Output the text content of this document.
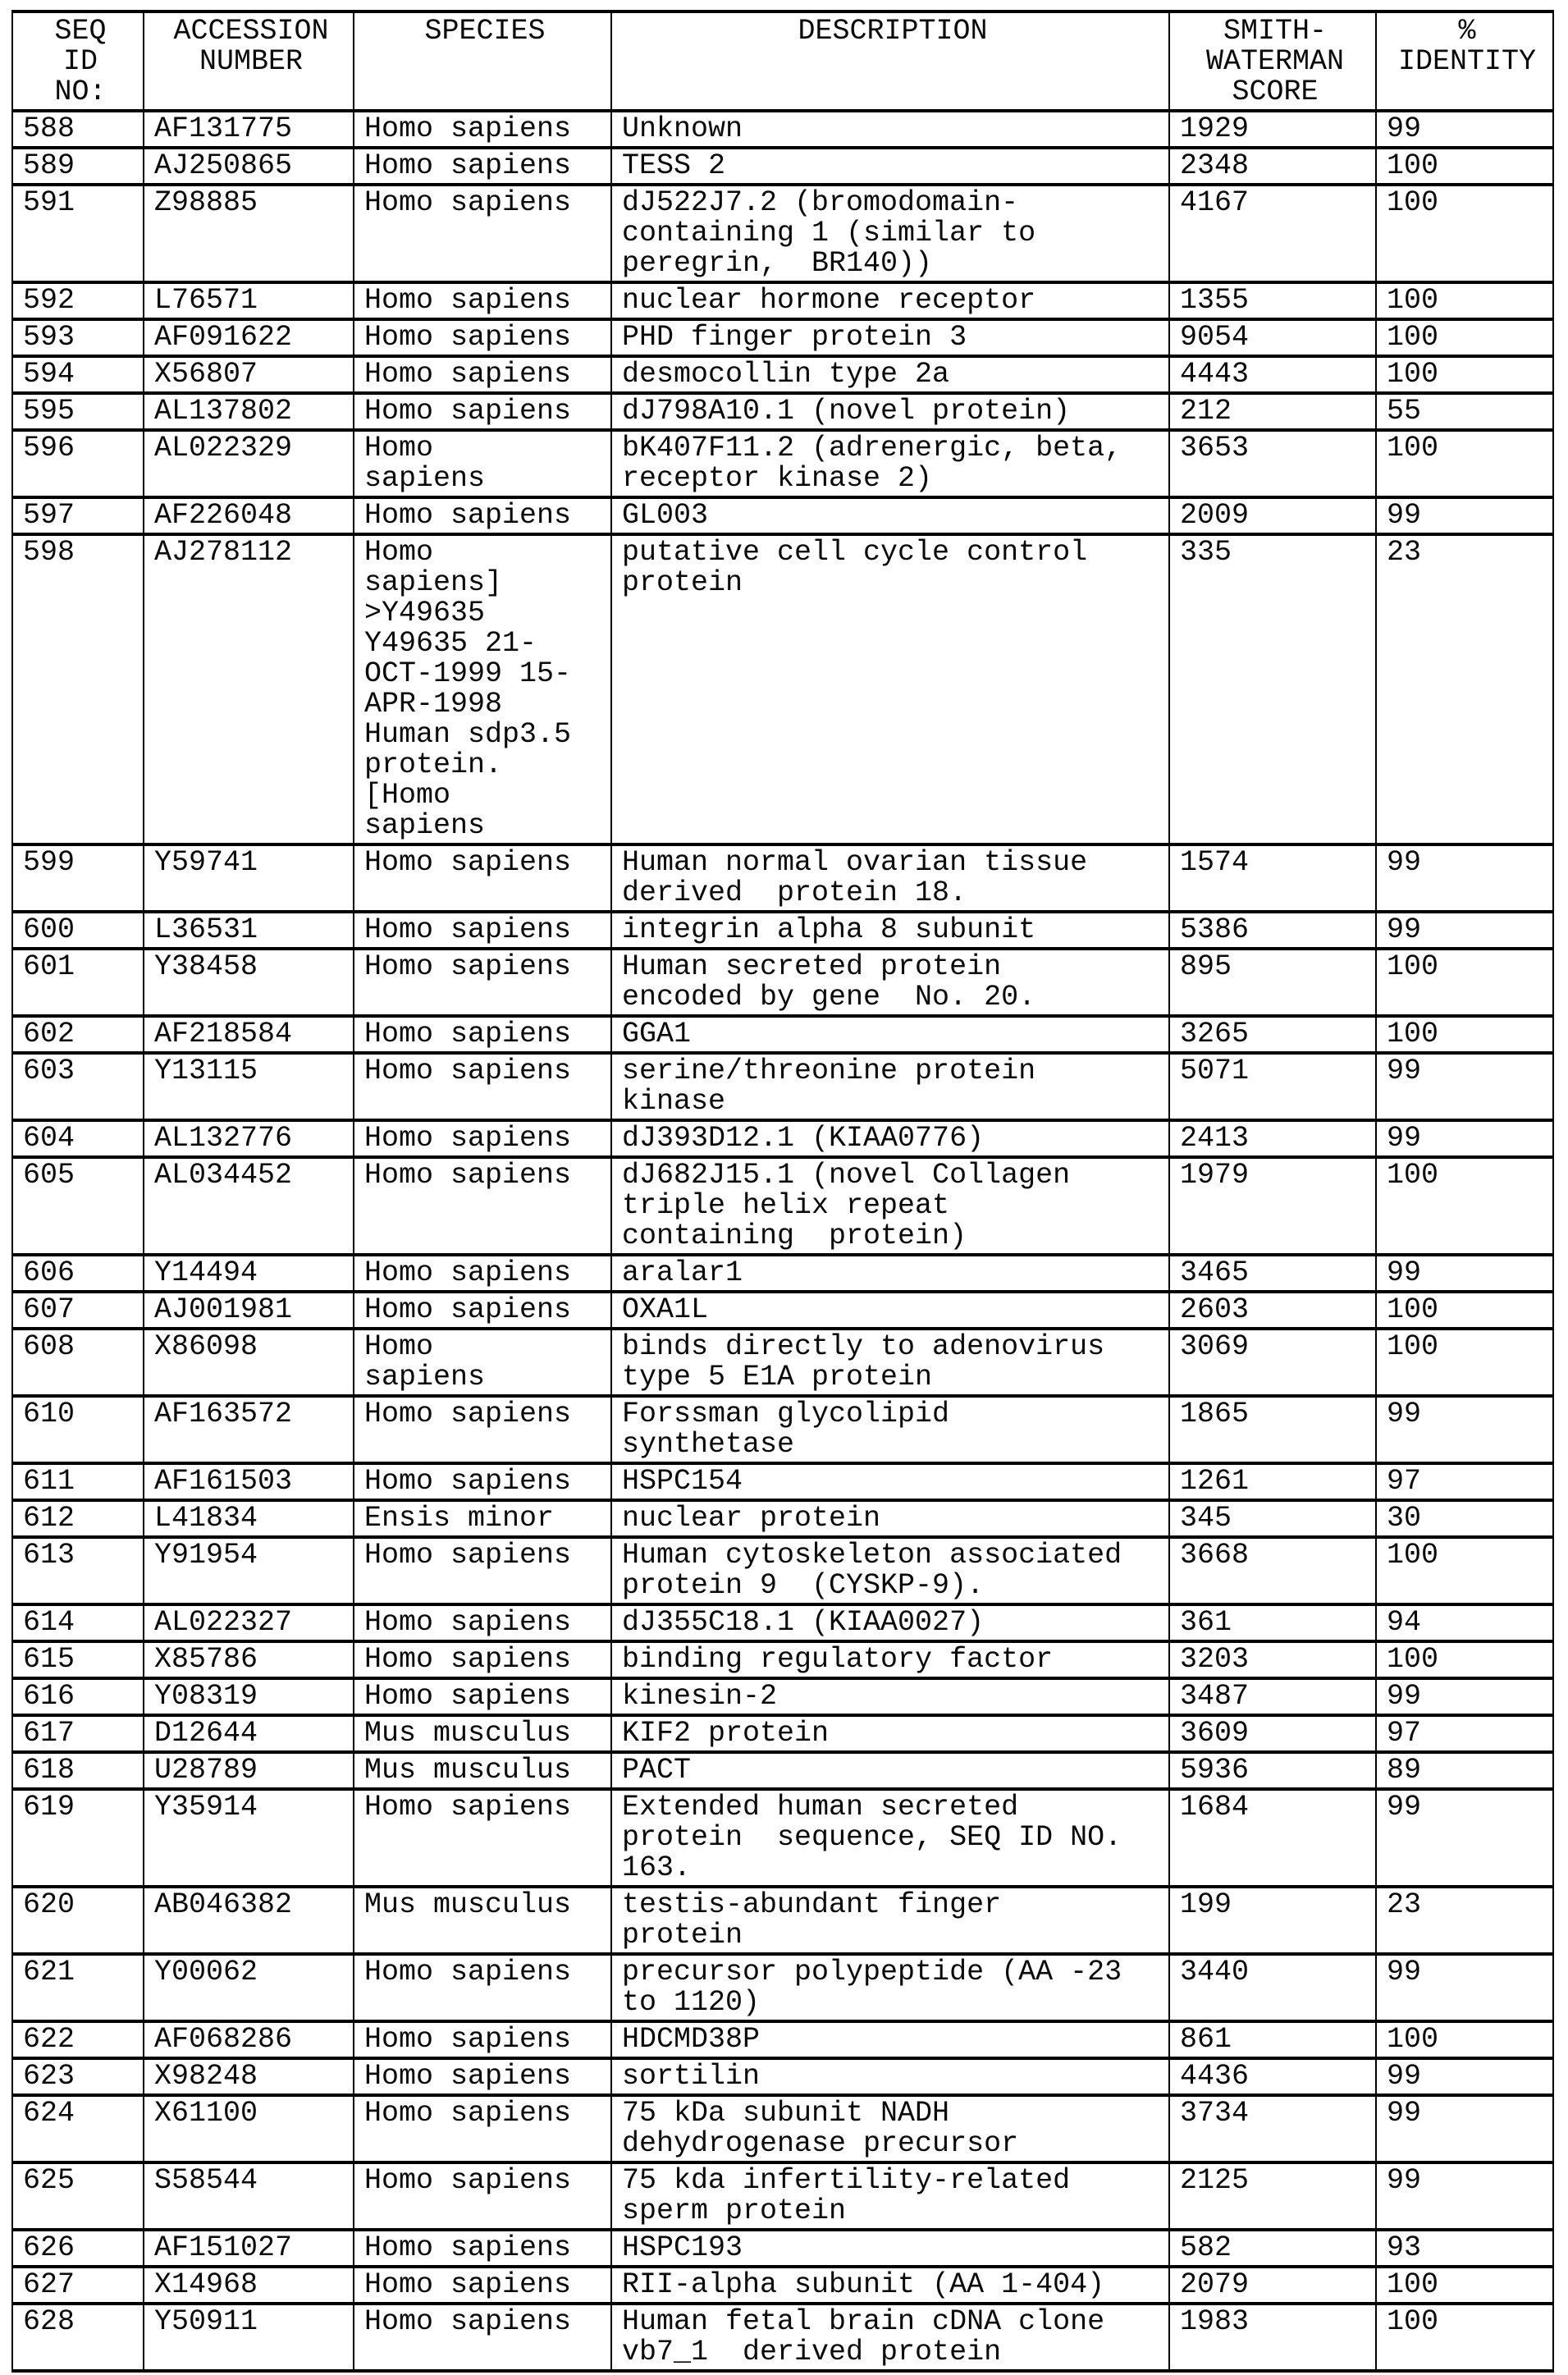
SEQ
ID
NO:	ACCESSION
NUMBER	SPECIES	DESCRIPTION	SMITH-
WATERMAN
SCORE	%
IDENTITY
588	AF131775	Homo sapiens	Unknown	1929	99
589	AJ250865	Homo sapiens	TESS 2	2348	100
591	Z98885	Homo sapiens	dJ522J7.2 (bromodomain-
containing 1 (similar to
peregrin,  BR140))	4167	100
592	L76571	Homo sapiens	nuclear hormone receptor	1355	100
593	AF091622	Homo sapiens	PHD finger protein 3	9054	100
594	X56807	Homo sapiens	desmocollin type 2a	4443	100
595	AL137802	Homo sapiens	dJ798A10.1 (novel protein)	212	55
596	AL022329	Homo
sapiens	bK407F11.2 (adrenergic, beta,
receptor kinase 2)	3653	100
597	AF226048	Homo sapiens	GL003	2009	99
598	AJ278112	Homo
sapiens]
>Y49635
Y49635 21-
OCT-1999 15-
APR-1998
Human sdp3.5
protein.
[Homo
sapiens	putative cell cycle control
protein	335	23
599	Y59741	Homo sapiens	Human normal ovarian tissue
derived  protein 18.	1574	99
600	L36531	Homo sapiens	integrin alpha 8 subunit	5386	99
601	Y38458	Homo sapiens	Human secreted protein
encoded by gene  No. 20.	895	100
602	AF218584	Homo sapiens	GGA1	3265	100
603	Y13115	Homo sapiens	serine/threonine protein
kinase	5071	99
604	AL132776	Homo sapiens	dJ393D12.1 (KIAA0776)	2413	99
605	AL034452	Homo sapiens	dJ682J15.1 (novel Collagen
triple helix repeat
containing  protein)	1979	100
606	Y14494	Homo sapiens	aralar1	3465	99
607	AJ001981	Homo sapiens	OXA1L	2603	100
608	X86098	Homo
sapiens	binds directly to adenovirus
type 5 E1A protein	3069	100
610	AF163572	Homo sapiens	Forssman glycolipid
synthetase	1865	99
611	AF161503	Homo sapiens	HSPC154	1261	97
612	L41834	Ensis minor	nuclear protein	345	30
613	Y91954	Homo sapiens	Human cytoskeleton associated
protein 9  (CYSKP-9).	3668	100
614	AL022327	Homo sapiens	dJ355C18.1 (KIAA0027)	361	94
615	X85786	Homo sapiens	binding regulatory factor	3203	100
616	Y08319	Homo sapiens	kinesin-2	3487	99
617	D12644	Mus musculus	KIF2 protein	3609	97
618	U28789	Mus musculus	PACT	5936	89
619	Y35914	Homo sapiens	Extended human secreted
protein  sequence, SEQ ID NO.
163.	1684	99
620	AB046382	Mus musculus	testis-abundant finger
protein	199	23
621	Y00062	Homo sapiens	precursor polypeptide (AA -23
to 1120)	3440	99
622	AF068286	Homo sapiens	HDCMD38P	861	100
623	X98248	Homo sapiens	sortilin	4436	99
624	X61100	Homo sapiens	75 kDa subunit NADH
dehydrogenase precursor	3734	99
625	S58544	Homo sapiens	75 kda infertility-related
sperm protein	2125	99
626	AF151027	Homo sapiens	HSPC193	582	93
627	X14968	Homo sapiens	RII-alpha subunit (AA 1-404)	2079	100
628	Y50911	Homo sapiens	Human fetal brain cDNA clone
vb7_1  derived protein	1983	100
